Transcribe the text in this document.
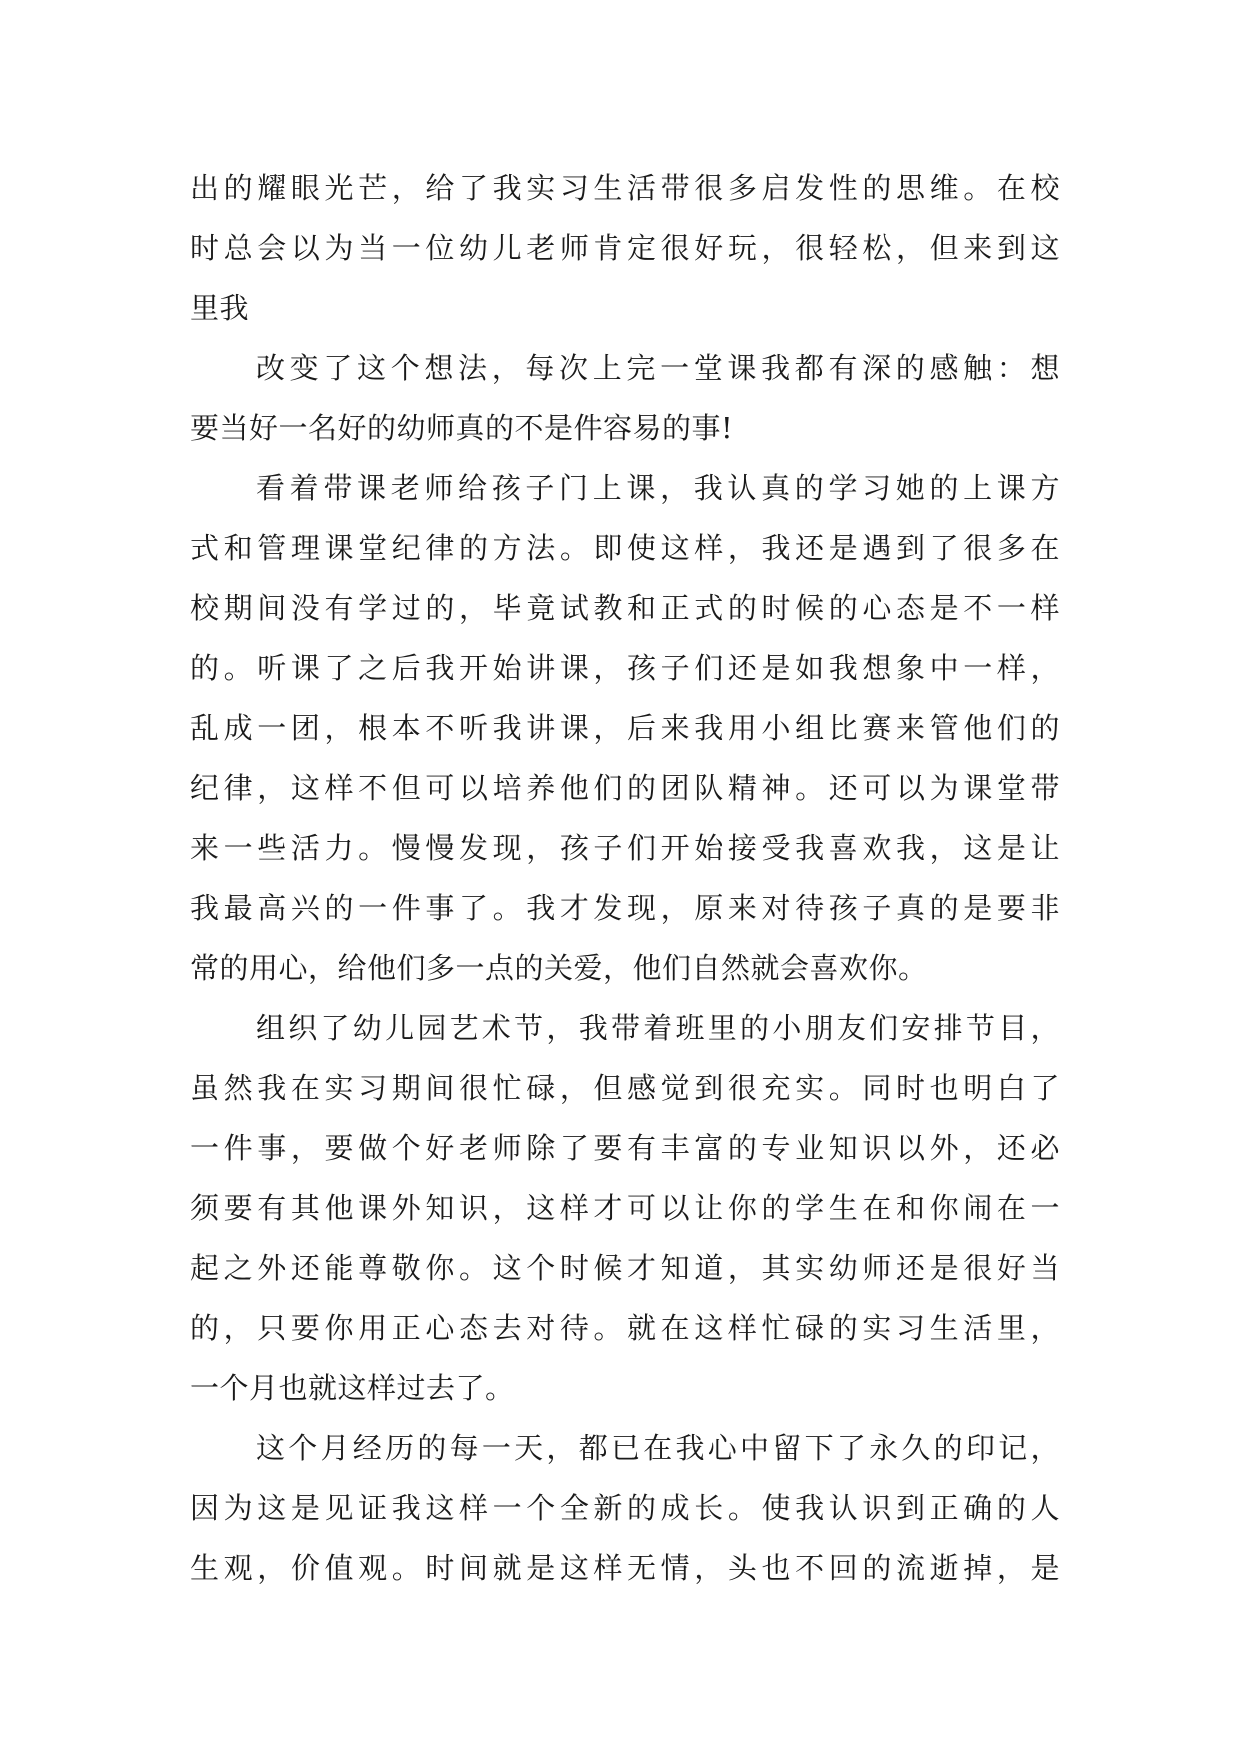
出的耀眼光芒，给了我实习生活带很多启发性的思维。在校
时总会以为当一位幼儿老师肯定很好玩，很轻松，但来到这
里我
改变了这个想法，每次上完一堂课我都有深的感触：想
要当好一名好的幼师真的不是件容易的事!
看着带课老师给孩子门上课，我认真的学习她的上课方
式和管理课堂纪律的方法。即使这样，我还是遇到了很多在
校期间没有学过的，毕竟试教和正式的时候的心态是不一样
的。听课了之后我开始讲课，孩子们还是如我想象中一样，
乱成一团，根本不听我讲课，后来我用小组比赛来管他们的
纪律，这样不但可以培养他们的团队精神。还可以为课堂带
来一些活力。慢慢发现，孩子们开始接受我喜欢我，这是让
我最高兴的一件事了。我才发现，原来对待孩子真的是要非
常的用心，给他们多一点的关爱，他们自然就会喜欢你。
组织了幼儿园艺术节，我带着班里的小朋友们安排节目，
虽然我在实习期间很忙碌，但感觉到很充实。同时也明白了
一件事，要做个好老师除了要有丰富的专业知识以外，还必
须要有其他课外知识，这样才可以让你的学生在和你闹在一
起之外还能尊敬你。这个时候才知道，其实幼师还是很好当
的，只要你用正心态去对待。就在这样忙碌的实习生活里，
一个月也就这样过去了。
这个月经历的每一天，都已在我心中留下了永久的印记，
因为这是见证我这样一个全新的成长。使我认识到正确的人
生观，价值观。时间就是这样无情，头也不回的流逝掉，是
